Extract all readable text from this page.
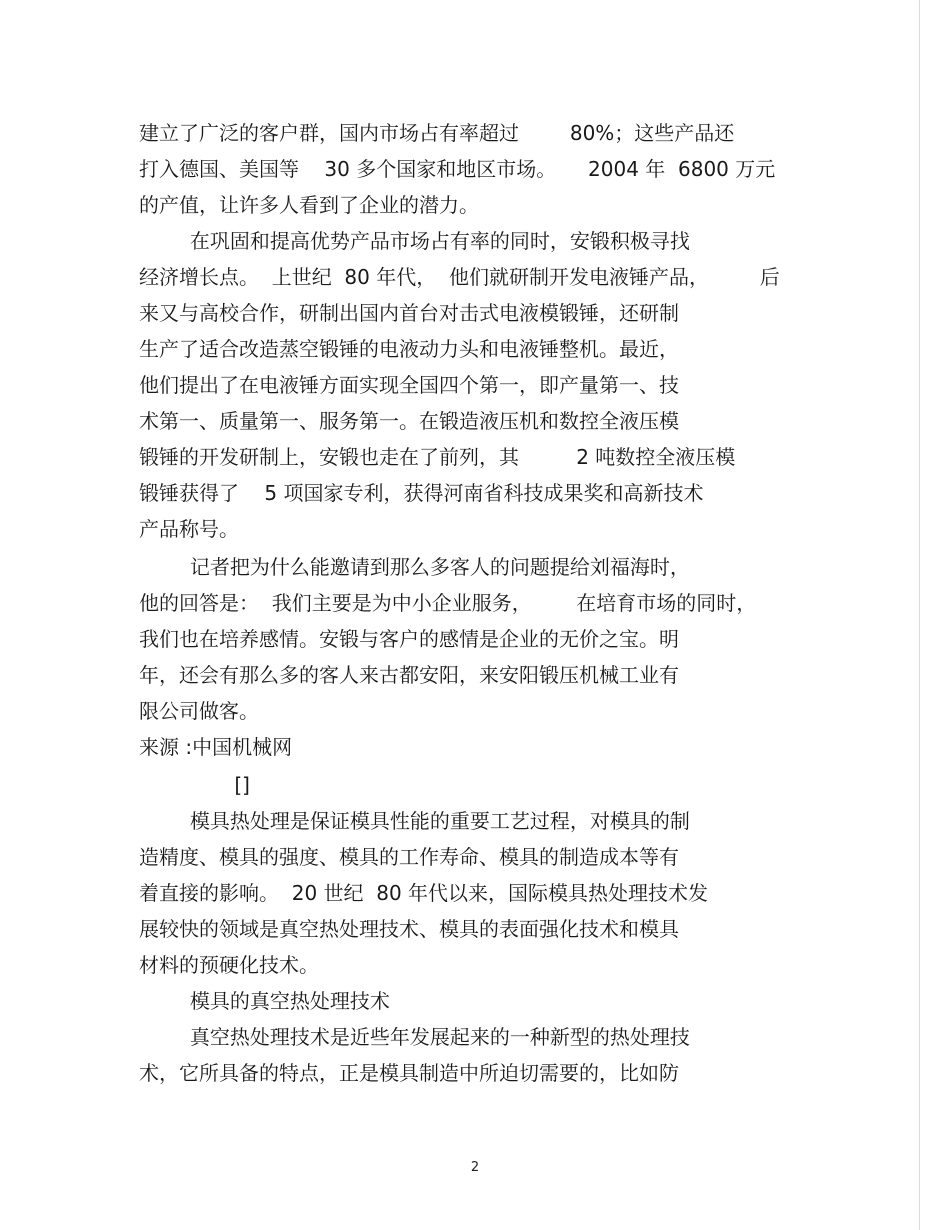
建立了广泛的客户群，国内市场占有率超过        80%；这些产品还
打入德国、美国等    30 多个国家和地区市场。     2004 年  6800 万元
的产值，让许多人看到了企业的潜力。
在巩固和提高优势产品市场占有率的同时，安锻积极寻找
经济增长点。  上世纪  80 年代，  他们就研制开发电液锤产品，        后
来又与高校合作，研制出国内首台对击式电液模锻锤，还研制
生产了适合改造蒸空锻锤的电液动力头和电液锤整机。最近，
他们提出了在电液锤方面实现全国四个第一，即产量第一、技
术第一、质量第一、服务第一。在锻造液压机和数控全液压模
锻锤的开发研制上，安锻也走在了前列，其         2 吨数控全液压模
锻锤获得了    5 项国家专利，获得河南省科技成果奖和高新技术
产品称号。
记者把为什么能邀请到那么多客人的问题提给刘福海时，
他的回答是：  我们主要是为中小企业服务，       在培育市场的同时，
我们也在培养感情。安锻与客户的感情是企业的无价之宝。明
年，还会有那么多的客人来古都安阳，来安阳锻压机械工业有
限公司做客。
来源 :中国机械网
[]
模具热处理是保证模具性能的重要工艺过程，对模具的制
造精度、模具的强度、模具的工作寿命、模具的制造成本等有
着直接的影响。  20 世纪  80 年代以来，国际模具热处理技术发
展较快的领域是真空热处理技术、模具的表面强化技术和模具
材料的预硬化技术。
模具的真空热处理技术
真空热处理技术是近些年发展起来的一种新型的热处理技
术，它所具备的特点，正是模具制造中所迫切需要的，比如防
2
